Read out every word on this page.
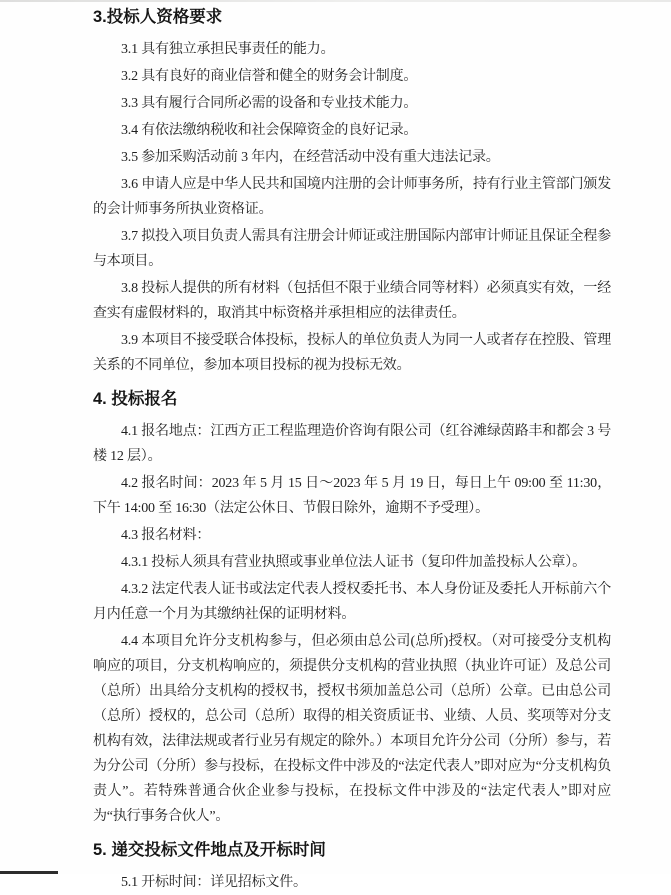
3.投标人资格要求

3.1 具有独立承担民事责任的能力。

3.2 具有良好的商业信誉和健全的财务会计制度。

3.3 具有履行合同所必需的设备和专业技术能力。

3.4 有依法缴纳税收和社会保障资金的良好记录。

3.5 参加采购活动前 3 年内，在经营活动中没有重大违法记录。

3.6 申请人应是中华人民共和国境内注册的会计师事务所，持有行业主管部门颁发的会计师事务所执业资格证。

3.7 拟投入项目负责人需具有注册会计师证或注册国际内部审计师证且保证全程参与本项目。

3.8 投标人提供的所有材料（包括但不限于业绩合同等材料）必须真实有效，一经查实有虚假材料的，取消其中标资格并承担相应的法律责任。

3.9 本项目不接受联合体投标，投标人的单位负责人为同一人或者存在控股、管理关系的不同单位，参加本项目投标的视为投标无效。

4. 投标报名

4.1 报名地点：江西方正工程监理造价咨询有限公司（红谷滩绿茵路丰和都会 3 号楼 12 层）。

4.2 报名时间：2023 年 5 月 15 日～2023 年 5 月 19 日，每日上午 09:00 至 11:30，下午 14:00 至 16:30（法定公休日、节假日除外，逾期不予受理）。

4.3 报名材料：

4.3.1 投标人须具有营业执照或事业单位法人证书（复印件加盖投标人公章）。

4.3.2 法定代表人证书或法定代表人授权委托书、本人身份证及委托人开标前六个月内任意一个月为其缴纳社保的证明材料。

4.4 本项目允许分支机构参与，但必须由总公司(总所)授权。（对可接受分支机构响应的项目，分支机构响应的，须提供分支机构的营业执照（执业许可证）及总公司（总所）出具给分支机构的授权书，授权书须加盖总公司（总所）公章。已由总公司（总所）授权的，总公司（总所）取得的相关资质证书、业绩、人员、奖项等对分支机构有效，法律法规或者行业另有规定的除外。）本项目允许分公司（分所）参与，若为分公司（分所）参与投标，在投标文件中涉及的“法定代表人”即对应为“分支机构负责人”。若特殊普通合伙企业参与投标，在投标文件中涉及的“法定代表人”即对应为“执行事务合伙人”。

5. 递交投标文件地点及开标时间

5.1 开标时间：详见招标文件。
